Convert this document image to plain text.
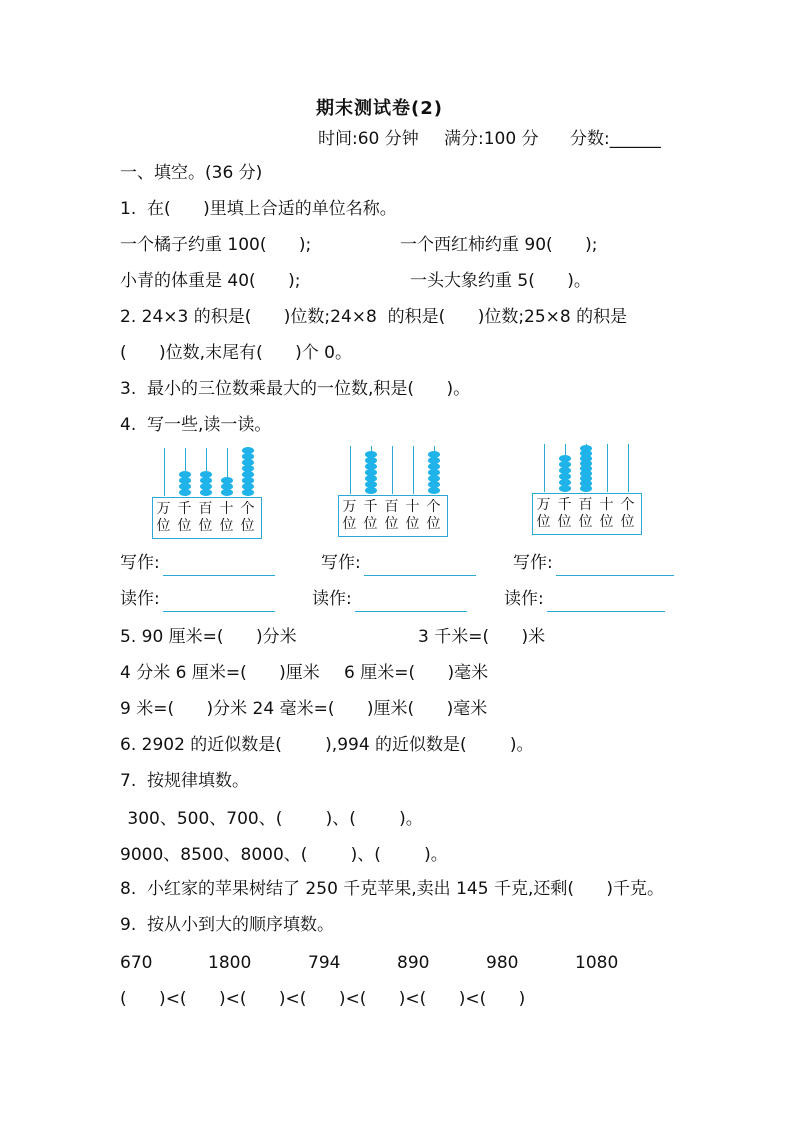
期末测试卷(2)
时间:60 分钟 满分:100 分 分数:______
一、填空。(36 分)
1.  在(      )里填上合适的单位名称。
一个橘子约重 100(      );	一个西红柿约重 90(      );
小青的体重是 40(      );	一头大象约重 5(      )。
2. 24×3 的积是(      )位数;24×8  的积是(      )位数;25×8 的积是
(      )位数,末尾有(      )个 0。
3.  最小的三位数乘最大的一位数,积是(      )。
4.  写一些,读一读。
万
位
千
位
百
位
十
位
个
位
万
位
千
位
百
位
十
位
个
位
万
位
千
位
百
位
十
位
个
位
写作:	写作:	写作:
读作:	读作:	读作:
5. 90 厘米=(      )分米	3 千米=(      )米
4 分米 6 厘米=(      )厘米 6 厘米=(      )毫米
9 米=(      )分米 24 毫米=(      )厘米(      )毫米
6. 2902 的近似数是(        ),994 的近似数是(        )。
7.  按规律填数。
300、500、700、(        )、(        )。
9000、8500、8000、(        )、(        )。
8.  小红家的苹果树结了 250 千克苹果,卖出 145 千克,还剩(      )千克。
9.  按从小到大的顺序填数。
670	1800	794	890	980	1080
(      )<(      )<(      )<(      )<(      )<(      )<(      )
